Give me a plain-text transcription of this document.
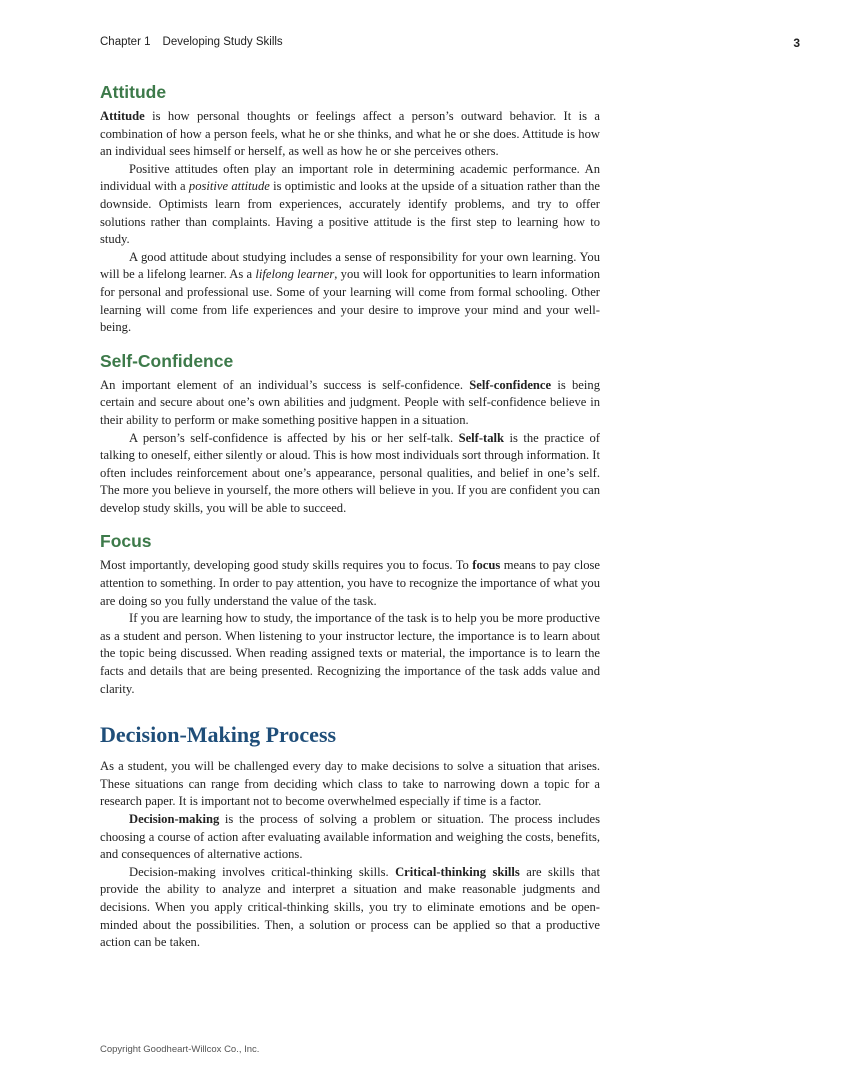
Chapter 1 Developing Study Skills	3
Attitude

Attitude is how personal thoughts or feelings affect a person’s outward behavior. It is a combination of how a person feels, what he or she thinks, and what he or she does. Attitude is how an individual sees himself or herself, as well as how he or she perceives others.

Positive attitudes often play an important role in determining academic performance. An individual with a positive attitude is optimistic and looks at the upside of a situation rather than the downside. Optimists learn from experiences, accurately identify problems, and try to offer solutions rather than complaints. Having a positive attitude is the first step to learning how to study.

A good attitude about studying includes a sense of responsibility for your own learning. You will be a lifelong learner. As a lifelong learner, you will look for opportunities to learn information for personal and professional use. Some of your learning will come from formal schooling. Other learning will come from life experiences and your desire to improve your mind and your well-being.

Self-Confidence

An important element of an individual’s success is self-confidence. Self-confidence is being certain and secure about one’s own abilities and judgment. People with self-confidence believe in their ability to perform or make something positive happen in a situation.

A person’s self-confidence is affected by his or her self-talk. Self-talk is the practice of talking to oneself, either silently or aloud. This is how most individuals sort through information. It often includes reinforcement about one’s appearance, personal qualities, and belief in one’s self. The more you believe in yourself, the more others will believe in you. If you are confident you can develop study skills, you will be able to succeed.

Focus

Most importantly, developing good study skills requires you to focus. To focus means to pay close attention to something. In order to pay attention, you have to recognize the importance of what you are doing so you fully understand the value of the task.

If you are learning how to study, the importance of the task is to help you be more productive as a student and person. When listening to your instructor lecture, the importance is to learn about the topic being discussed. When reading assigned texts or material, the importance is to learn the facts and details that are being presented. Recognizing the importance of the task adds value and clarity.

Decision-Making Process

As a student, you will be challenged every day to make decisions to solve a situation that arises. These situations can range from deciding which class to take to narrowing down a topic for a research paper. It is important not to become overwhelmed especially if time is a factor.

Decision-making is the process of solving a problem or situation. The process includes choosing a course of action after evaluating available information and weighing the costs, benefits, and consequences of alternative actions.

Decision-making involves critical-thinking skills. Critical-thinking skills are skills that provide the ability to analyze and interpret a situation and make reasonable judgments and decisions. When you apply critical-thinking skills, you try to eliminate emotions and be open-minded about the possibilities. Then, a solution or process can be applied so that a productive action can be taken.

Copyright Goodheart-Willcox Co., Inc.
